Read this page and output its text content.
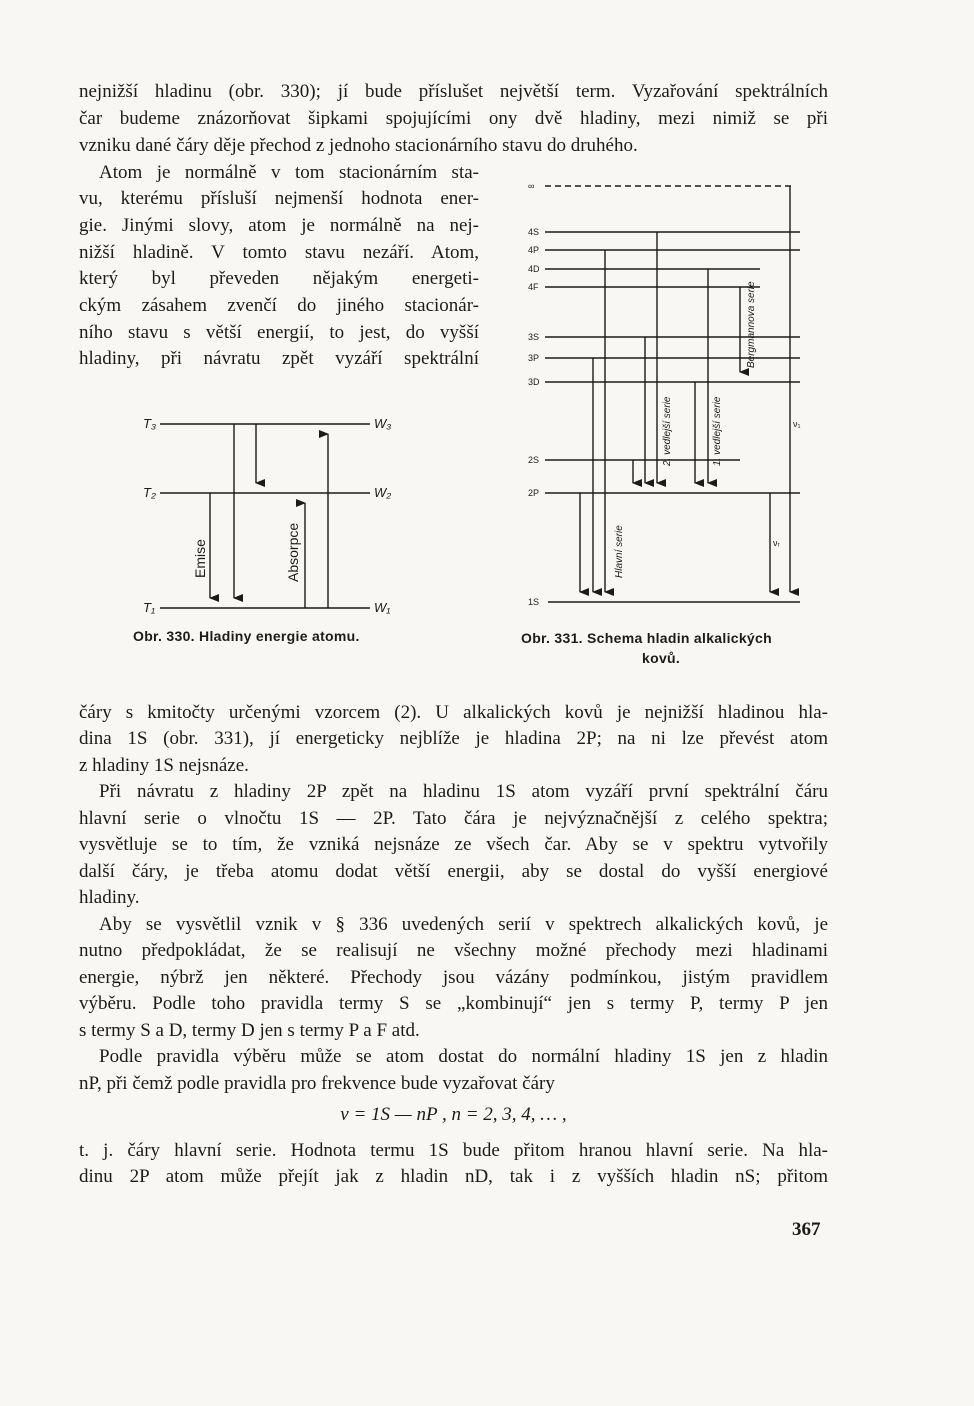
nejnižší hladinu (obr. 330); jí bude příslušet největší term. Vyzařování spektrálních
čar budeme znázorňovat šipkami spojujícími ony dvě hladiny, mezi nimiž se při
vzniku dané čáry děje přechod z jednoho stacionárního stavu do druhého.
Atom je normálně v tom stacionárním sta-
vu, kterému přísluší nejmenší hodnota ener-
gie. Jinými slovy, atom je normálně na nej-
nižší hladině. V tomto stavu nezáří. Atom,
který byl převeden nějakým energeti-
ckým zásahem zvenčí do jiného stacionár-
ního stavu s větší energií, to jest, do vyšší
hladiny, při návratu zpět vyzáří spektrální
T₃
T₂
T₁
W₃
W₂
W₁
Emise	Absorpce
Obr. 330. Hladiny energie atomu.
∞
4S
4P
4D
4F
3S
3P
3D
2S
2P
1S
Hlavní serie
2. vedlejší serie	1. vedlejší serie
Bergmannova serie
ν₁
νᵣ
Obr. 331. Schema hladin alkalických
kovů.
čáry s kmitočty určenými vzorcem (2). U alkalických kovů je nejnižší hladinou hla-
dina 1S (obr. 331), jí energeticky nejblíže je hladina 2P; na ni lze převést atom
z hladiny 1S nejsnáze.
Při návratu z hladiny 2P zpět na hladinu 1S atom vyzáří první spektrální čáru
hlavní serie o vlnočtu 1S — 2P. Tato čára je nejvýznačnější z celého spektra;
vysvětluje se to tím, že vzniká nejsnáze ze všech čar. Aby se v spektru vytvořily
další čáry, je třeba atomu dodat větší energii, aby se dostal do vyšší energiové
hladiny.
Aby se vysvětlil vznik v § 336 uvedených serií v spektrech alkalických kovů, je
nutno předpokládat, že se realisují ne všechny možné přechody mezi hladinami
energie, nýbrž jen některé. Přechody jsou vázány podmínkou, jistým pravidlem
výběru. Podle toho pravidla termy S se „kombinují“ jen s termy P, termy P jen
s termy S a D, termy D jen s termy P a F atd.
Podle pravidla výběru může se atom dostat do normální hladiny 1S jen z hladin
nP, při čemž podle pravidla pro frekvence bude vyzařovat čáry
ν = 1S — nP , n = 2, 3, 4, … ,
t. j. čáry hlavní serie. Hodnota termu 1S bude přitom hranou hlavní serie. Na hla-
dinu 2P atom může přejít jak z hladin nD, tak i z vyšších hladin nS; přitom
367
